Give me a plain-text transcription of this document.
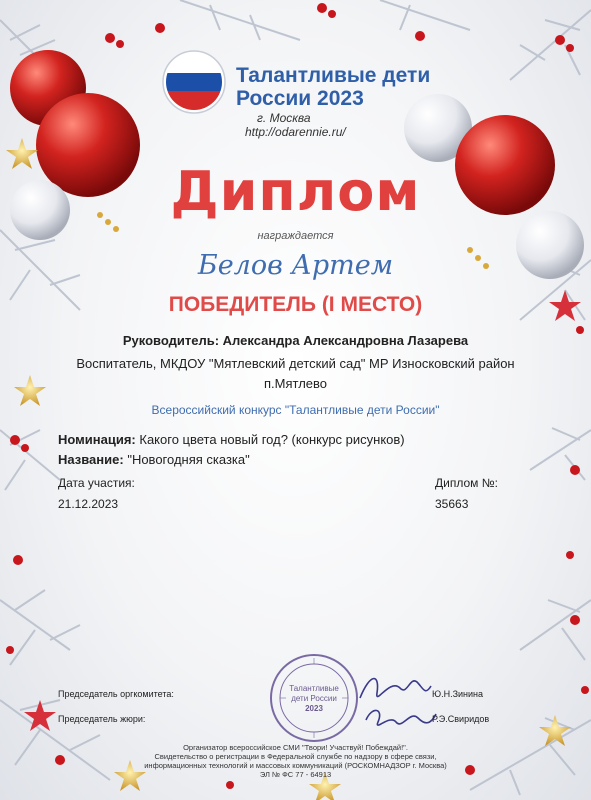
Талантливые дети
России 2023
г. Москва
http://odarennie.ru/
Диплом
награждается
Белов Артем
ПОБЕДИТЕЛЬ (I МЕСТО)
Руководитель: Александра Александровна Лазарева
Воспитатель, МКДОУ "Мятлевский детский сад" МР Износковский район п.Мятлево
Всероссийский конкурс "Талантливые дети России"
Номинация: Какого цвета новый год? (конкурс рисунков)
Название: "Новогодняя сказка"
Дата участия:
21.12.2023
Диплом №:
35663
Талантливые
дети России
2023
Председатель оргкомитета:	Ю.Н.Зинина
Председатель жюри:	Р.Э.Свиридов
Организатор всероссийское СМИ "Твори! Участвуй! Побеждай!".
Свидетельство о регистрации в Федеральной службе по надзору в сфере связи,
информационных технологий и массовых коммуникаций (РОСКОМНАДЗОР г. Москва)
ЭЛ № ФС 77 - 64913
